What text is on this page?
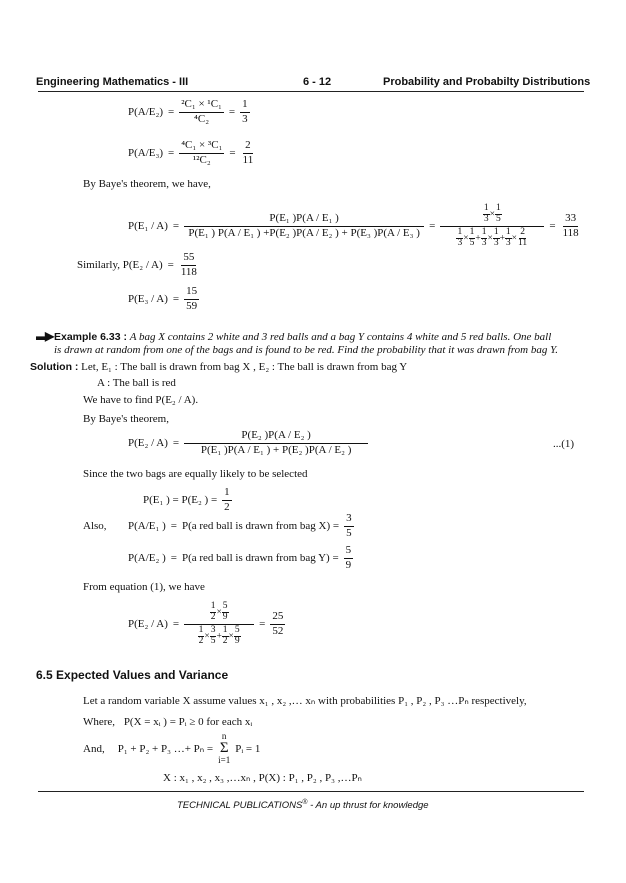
Engineering Mathematics - III	6 - 12	Probability and Probabilty Distributions
$P(A/E_2) = \frac{\text{²C₁ × ¹C₁}}{\text{⁴C₂}} = \frac{1}{3}$
$P(A/E_3) = \frac{\text{⁴C₁ × ³C₁}}{\text{¹²C₂}} = \frac{2}{11}$
By Baye's theorem, we have,
$P(E_1 / A) = \frac{\text{P(E₁ )P(A / E₁ )}}{\text{P(E₁ ) P(A / E₁ ) +P(E₂ )P(A / E₂ ) + P(E₃ )P(A / E₃ )}} = \frac{\frac{1}{3} \times \frac{1}{5}}{\frac{1}{3} \times \frac{1}{5} + \frac{1}{3} \times \frac{1}{3} + \frac{1}{3} \times \frac{2}{11}} = \frac{33}{118}$
Similarly, $P(E_2 / A) = \frac{55}{118}$
$P(E_3 / A) = \frac{15}{59}$
▬▶ Example 6.33 : A bag X contains 2 white and 3 red balls and a bag Y contains 4 white and 5 red balls. One ball
is drawn at random from one of the bags and is found to be red. Find the probability that it was drawn from bag Y.
Solution : Let, E₁ : The ball is drawn from bag X , E₂ : The ball is drawn from bag Y
A : The ball is red
We have to find P(E₂ / A).
By Baye's theorem,
$P(E_2 / A) = \frac{\text{P(E₂ )P(A / E₂ )}}{\text{P(E₁ )P(A / E₁ ) + P(E₂ )P(A / E₂ )}}$	...(1)
Since the two bags are equally likely to be selected
P(E₁ ) = P(E₂ ) = $\frac{1}{2}$
Also, P(A/E₁ ) = P(a red ball is drawn from bag $X) = \frac{3}{5}$
P(A/E₂ ) = P(a red ball is drawn from bag $Y) = \frac{5}{9}$
From equation (1), we have
$P(E_2 / A) = \frac{\frac{1}{2} \times \frac{5}{9}}{\frac{1}{2} \times \frac{3}{5} + \frac{1}{2} \times \frac{5}{9}} = \frac{25}{52}$
6.5 Expected Values and Variance
Let a random variable X assume values x₁ , x₂ ,… xₙ with probabilities P₁ , P₂ , P₃ …Pₙ respectively,
Where, P(X = xᵢ ) = Pᵢ ≥ 0 for each xᵢ
And, P₁ + P₂ + P₃ …+ Pₙ =
n
Σ
i=1
Pᵢ = 1
X : x₁ , x₂ , x₃ ,…xₙ , P(X) : P₁ , P₂ , P₃ ,…Pₙ
TECHNICAL PUBLICATIONS® - An up thrust for knowledge
